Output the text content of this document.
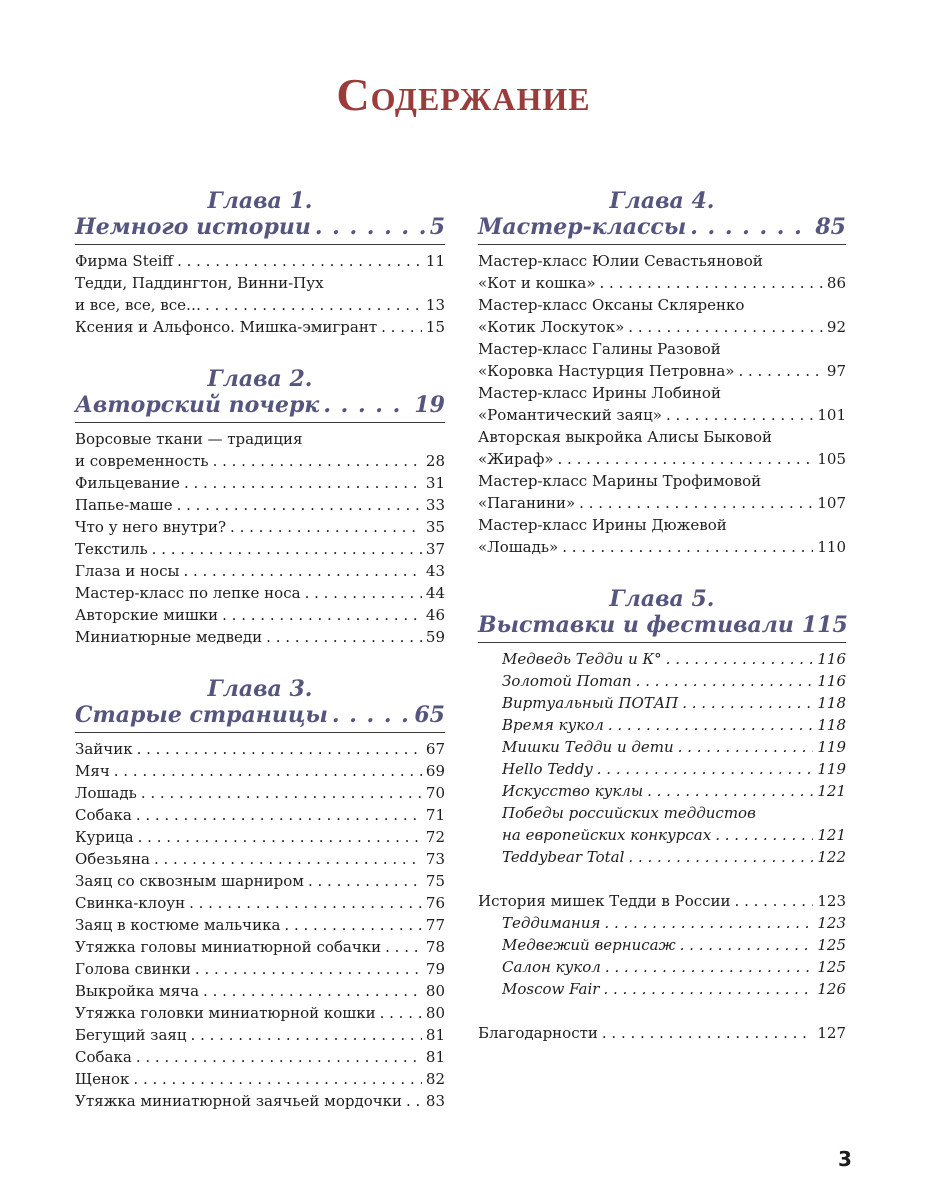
Содержание
Глава 1.
Немного истории . . .	5
Фирма Steiff . . .	11
Тедди, Паддингтон, Винни-Пух
и все, все, все… . . .	13
Ксения и Альфонсо. Мишка-эмигрант . . .	15
Глава 2.
Авторский почерк . . .	19
Ворсовые ткани — традиция
и современность . . .	28
Фильцевание . . .	31
Папье-маше . . .	33
Что у него внутри? . . .	35
Текстиль . . .	37
Глаза и носы . . .	43
Мастер-класс по лепке носа . . .	44
Авторские мишки . . .	46
Миниатюрные медведи . . .	59
Глава 3.
Старые страницы . . .	65
Зайчик . . .	67
Мяч . . .	69
Лошадь . . .	70
Собака . . .	71
Курица . . .	72
Обезьяна . . .	73
Заяц со сквозным шарниром . . .	75
Свинка-клоун . . .	76
Заяц в костюме мальчика . . .	77
Утяжка головы миниатюрной собачки . . .	78
Голова свинки . . .	79
Выкройка мяча . . .	80
Утяжка головки миниатюрной кошки . . .	80
Бегущий заяц . . .	81
Собака . . .	81
Щенок . . .	82
Утяжка миниатюрной заячьей мордочки . . . 83
Глава 4.
Мастер-классы . . .	85
Мастер-класс Юлии Севастьяновой
«Кот и кошка» . . .	86
Мастер-класс Оксаны Скляренко
«Котик Лоскуток» . . .	92
Мастер-класс Галины Разовой
«Коровка Настурция Петровна» . . .	97
Мастер-класс Ирины Лобиной
«Романтический заяц» . . .	101
Авторская выкройка Алисы Быковой
«Жираф» . . .	105
Мастер-класс Марины Трофимовой
«Паганини» . . .	107
Мастер-класс Ирины Дюжевой
«Лошадь» . . .	110
Глава 5.
Выставки и фестивали 115
Медведь Тедди и К° . . .	116
Золотой Потап . . .	116
Виртуальный ПОТАП . . .	118
Время кукол . . .	118
Мишки Тедди и дети . . .	119
Hello Teddy . . .	119
Искусство куклы . . .	121
Победы российских теддистов
на европейских конкурсах . . .	121
Teddybear Total . . .	122
История мишек Тедди в России . . .	123
Теддимания . . .	123
Медвежий вернисаж . . .	125
Салон кукол . . .	125
Moscow Fair . . .	126
Благодарности . . .	127
3
